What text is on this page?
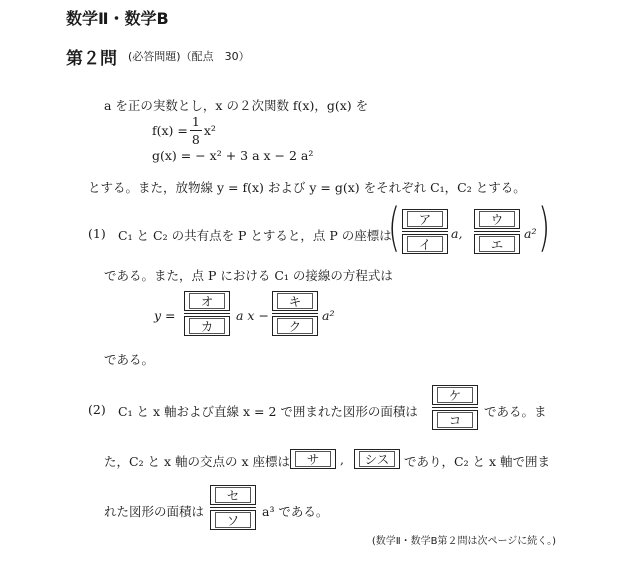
数学Ⅱ・数学B
第２問 (必答問題)（配点　30）
a を正の実数とし，x の２次関数 f(x)，g(x) を
$f(x) = \frac{1}{8} x^2$
g(x) = − x² + 3 a x − 2 a²
とする。また，放物線 y = f(x) および y = g(x) をそれぞれ C₁，C₂ とする。
(1) C₁ と C₂ の共有点を P とすると，点 P の座標は
(	ア
イ
a,
ウ
エ
a² )
である。また，点 P における C₁ の接線の方程式は
y =
オ
カ
a x −
キ
ク
a²
である。
(2) C₁ と x 軸および直線 x = 2 で囲まれた図形の面積は
ケ
コ
である。ま
た，C₂ と x 軸の交点の x 座標は	サ	,	シス	であり，C₂ と x 軸で囲ま
れた図形の面積は
セ
ソ
a³ である。
(数学Ⅱ・数学B第２問は次ページに続く。)
